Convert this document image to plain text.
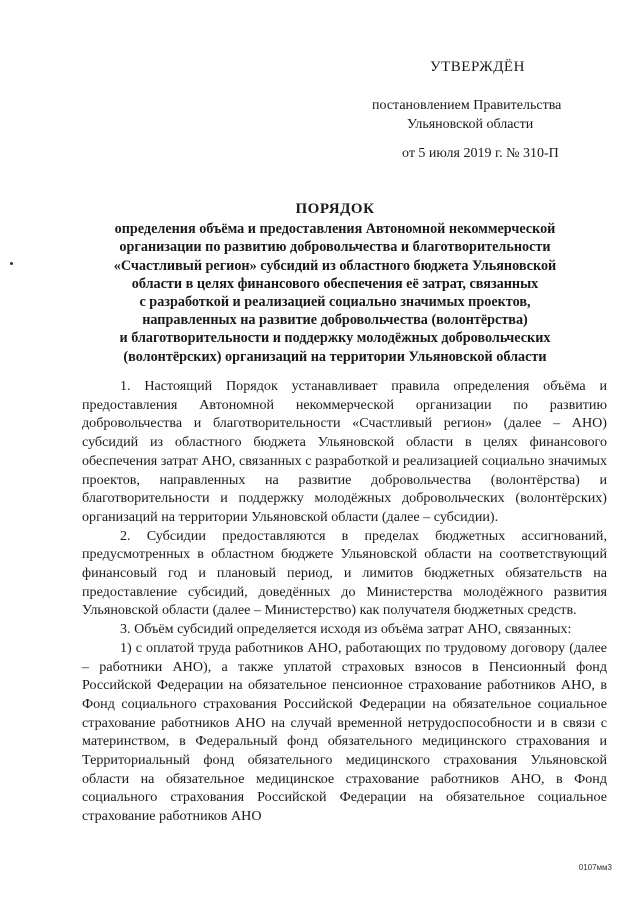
УТВЕРЖДЁН
постановлением Правительства
Ульяновской области
от 5 июля 2019 г. № 310-П
ПОРЯДОК
определения объёма и предоставления Автономной некоммерческой
организации по развитию добровольчества и благотворительности
«Счастливый регион» субсидий из областного бюджета Ульяновской
области в целях финансового обеспечения её затрат, связанных
с разработкой и реализацией социально значимых проектов,
направленных на развитие добровольчества (волонтёрства)
и благотворительности и поддержку молодёжных добровольческих
(волонтёрских) организаций на территории Ульяновской области

1. Настоящий Порядок устанавливает правила определения объёма и предоставления Автономной некоммерческой организации по развитию добровольчества и благотворительности «Счастливый регион» (далее – АНО) субсидий из областного бюджета Ульяновской области в целях финансового обеспечения затрат АНО, связанных с разработкой и реализацией социально значимых проектов, направленных на развитие добровольчества (волонтёрства) и благотворительности и поддержку молодёжных добровольческих (волонтёрских) организаций на территории Ульяновской области (далее – субсидии).

2. Субсидии предоставляются в пределах бюджетных ассигнований, предусмотренных в областном бюджете Ульяновской области на соответствующий финансовый год и плановый период, и лимитов бюджетных обязательств на предоставление субсидий, доведённых до Министерства молодёжного развития Ульяновской области (далее – Министерство) как получателя бюджетных средств.

3. Объём субсидий определяется исходя из объёма затрат АНО, связанных:

1) с оплатой труда работников АНО, работающих по трудовому договору (далее – работники АНО), а также уплатой страховых взносов в Пенсионный фонд Российской Федерации на обязательное пенсионное страхование работников АНО, в Фонд социального страхования Российской Федерации на обязательное социальное страхование работников АНО на случай временной нетрудоспособности и в связи с материнством, в Федеральный фонд обязательного медицинского страхования и Территориальный фонд обязательного медицинского страхования Ульяновской области на обязательное медицинское страхование работников АНО, в Фонд социального страхования Российской Федерации на обязательное социальное страхование работников АНО

0107мм3
